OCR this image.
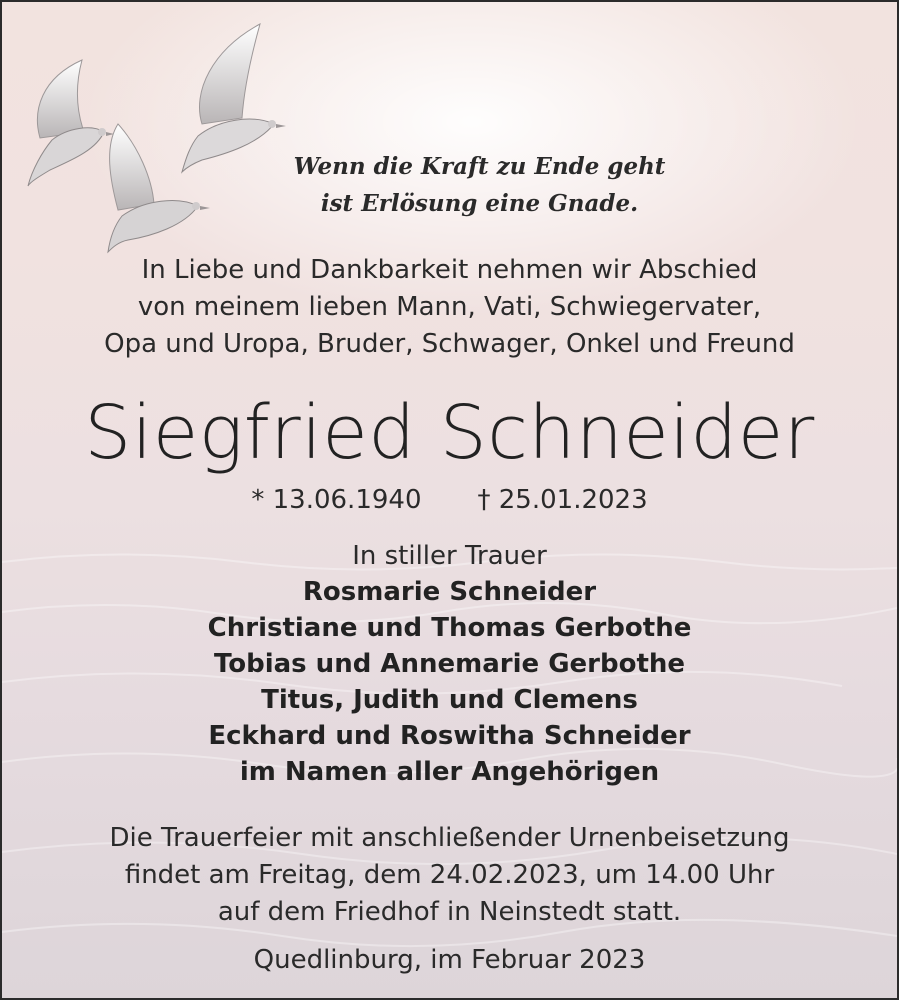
Wenn die Kraft zu Ende geht
ist Erlösung eine Gnade.
In Liebe und Dankbarkeit nehmen wir Abschied
von meinem lieben Mann, Vati, Schwiegervater,
Opa und Uropa, Bruder, Schwager, Onkel und Freund
Siegfried Schneider
* 13.06.1940 † 25.01.2023
In stiller Trauer
Rosmarie Schneider
Christiane und Thomas Gerbothe
Tobias und Annemarie Gerbothe
Titus, Judith und Clemens
Eckhard und Roswitha Schneider
im Namen aller Angehörigen
Die Trauerfeier mit anschließender Urnenbeisetzung
findet am Freitag, dem 24.02.2023, um 14.00 Uhr
auf dem Friedhof in Neinstedt statt.
Quedlinburg, im Februar 2023
